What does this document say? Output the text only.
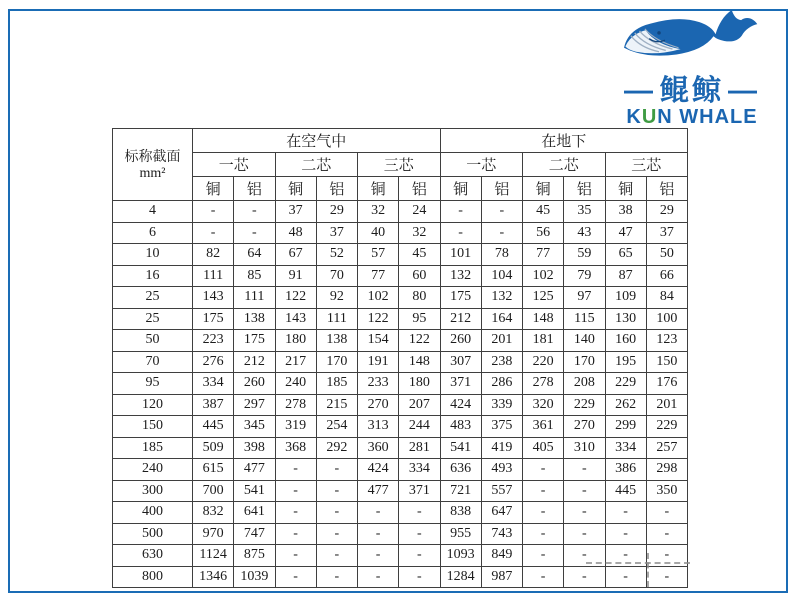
— 鲲鲸 —
KUN WHALE
标称截面
mm²	在空气中						在地下					
	一芯		二芯		三芯		一芯		二芯		三芯	
	铜	铝	铜	铝	铜	铝	铜	铝	铜	铝	铜	铝
4	-	-	37	29	32	24	-	-	45	35	38	29
6	-	-	48	37	40	32	-	-	56	43	47	37
10	82	64	67	52	57	45	101	78	77	59	65	50
16	111	85	91	70	77	60	132	104	102	79	87	66
25	143	111	122	92	102	80	175	132	125	97	109	84
25	175	138	143	111	122	95	212	164	148	115	130	100
50	223	175	180	138	154	122	260	201	181	140	160	123
70	276	212	217	170	191	148	307	238	220	170	195	150
95	334	260	240	185	233	180	371	286	278	208	229	176
120	387	297	278	215	270	207	424	339	320	229	262	201
150	445	345	319	254	313	244	483	375	361	270	299	229
185	509	398	368	292	360	281	541	419	405	310	334	257
240	615	477	-	-	424	334	636	493	-	-	386	298
300	700	541	-	-	477	371	721	557	-	-	445	350
400	832	641	-	-	-	-	838	647	-	-	-	-
500	970	747	-	-	-	-	955	743	-	-	-	-
630	1124	875	-	-	-	-	1093	849	-	-	-	-
800	1346	1039	-	-	-	-	1284	987	-	-	-	-
